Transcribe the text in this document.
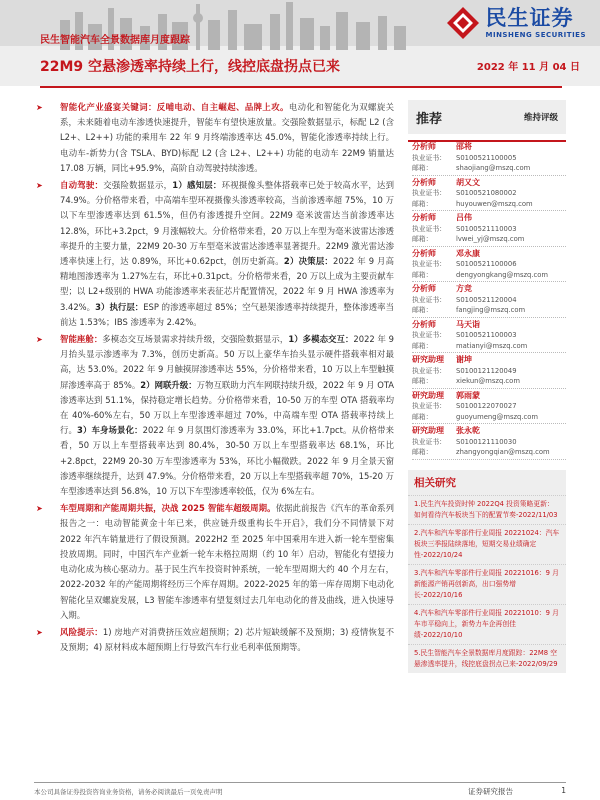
民生证券
MINSHENG SECURITIES
民生智能汽车全景数据库月度跟踪
22M9 空悬渗透率持续上行，线控底盘拐点已来	2022 年 11 月 04 日
➤ 智能化产业盛宴关键词：反哺电动、自主崛起、品牌上攻。电动化和智能化为双螺旋关系，未来随着电动车渗透快速提升，智能车有望快速放量。交强险数据显示，标配 L2 (含 L2+、L2++) 功能的乘用车 22 年 9 月终端渗透率达 45.0%，智能化渗透率持续上行。电动车-新势力(含 TSLA、BYD)标配 L2 (含 L2+、L2++) 功能的电动车 22M9 销量达 17.08 万辆，同比+95.9%，高阶自动驾驶持续渗透。
➤ 自动驾驶：交强险数据显示，1）感知层：环视摄像头整体搭载率已处于较高水平，达到 74.9%。分价格带来看，中高端车型环视摄像头渗透率较高，当前渗透率超 75%，10 万以下车型渗透率达到 61.5%，但仍有渗透提升空间。22M9 毫米波雷达当前渗透率达 12.8%，环比+3.2pct，9 月涨幅较大。分价格带来看，20 万以上车型为毫米波雷达渗透率提升的主要力量，22M9 20-30 万车型毫米波雷达渗透率显著提升。22M9 激光雷达渗透率快速上行，达 0.89%，环比+0.62pct，创历史新高。2）决策层：2022 年 9 月高精地图渗透率为 1.27%左右，环比+0.31pct。分价格带来看，20 万以上成为主要贡献车型；以 L2+级别的 HWA 功能渗透率来表征芯片配置情况，2022 年 9 月 HWA 渗透率为 3.42%。3）执行层：ESP 的渗透率超过 85%；空气悬架渗透率持续提升，整体渗透率当前达 1.53%；IBS 渗透率为 2.42%。
➤ 智能座舱：多模态交互场景需求持续升级，交强险数据显示，1）多模态交互：2022 年 9 月抬头显示渗透率为 7.3%，创历史新高。50 万以上豪华车抬头显示硬件搭载率相对最高，达 53.0%。2022 年 9 月触摸屏渗透率达 55%，分价格带来看，10 万以上车型触摸屏渗透率高于 85%。2）网联升级：万物互联助力汽车网联持续升级，2022 年 9 月 OTA 渗透率达到 51.1%，保持稳定增长趋势。分价格带来看，10-50 万的车型 OTA 搭载率均在 40%-60%左右，50 万以上车型渗透率超过 70%，中高端车型 OTA 搭载率持续上行。3）车身场景化：2022 年 9 月氛围灯渗透率为 33.0%，环比+1.7pct。从价格带来看，50 万以上车型搭载率达到 80.4%，30-50 万以上车型搭载率达 68.1%，环比+2.8pct，22M9 20-30 万车型渗透率为 53%，环比小幅微跌。2022 年 9 月全景天窗渗透率继续提升，达到 47.9%。分价格带来看，20 万以上车型搭载率超 70%，15-20 万车型渗透率达到 56.8%，10 万以下车型渗透率较低，仅为 6%左右。
➤ 车型周期和产能周期共振，决战 2025 智能车超级周期。依据此前报告《汽车的革命系列报告之一：电动智能黄金十年已来，供应链升级重构长牛开启》，我们分不同情景下对 2022 年汽车销量进行了假设预测。2022H2 至 2025 年中国乘用车进入新一轮车型密集投放周期。同时，中国汽车产业新一轮车未格拉周期（约 10 年）启动，智能化有望接力电动化成为核心驱动力。基于民生汽车投资时钟系统，一轮车型周期大约 40 个月左右，2022-2032 年的产能周期将经历三个库存周期。2022-2025 年的第一库存周期下电动化智能化呈双螺旋发展，L3 智能车渗透率有望复刻过去几年电动化的普及曲线，进入快速导入期。
➤ 风险提示：1) 房地产对消费挤压效应超预期；2) 芯片短缺缓解不及预期；3) 疫情恢复不及预期；4) 原材料成本超预期上行导致汽车行业毛利率低预期等。
推荐	维持评级
分析师	邵将
执业证书：	S0100521100005
邮箱：	shaojiang@mszq.com
分析师	胡又文
执业证书：	S0100521080002
邮箱：	huyouwen@mszq.com
分析师	吕伟
执业证书：	S0100521110003
邮箱：	lvwei_yj@mszq.com
分析师	邓永康
执业证书：	S0100521100006
邮箱：	dengyongkang@mszq.com
分析师	方竞
执业证书：	S0100521120004
邮箱：	fangjing@mszq.com
分析师	马天诣
执业证书：	S0100521100003
邮箱：	matianyi@mszq.com
研究助理	谢坤
执业证书：	S0100121120049
邮箱：	xiekun@mszq.com
研究助理	郭雨蒙
执业证书：	S0100122070027
邮箱：	guoyumeng@mszq.com
研究助理	张永乾
执业证书：	S0100121110030
邮箱：	zhangyongqian@mszq.com
相关研究
1.民生汽车投资时钟 2022Q4 投资策略更新：如何看待汽车板块当下的配置节奏-2022/11/03
2.汽车和汽车零部件行业周报 20221024：汽车板块三季报陆续落地，短期交易业绩确定性-2022/10/24
3.汽车和汽车零部件行业周报 20221016：9 月新能源产销再创新高，出口强势增长-2022/10/16
4.汽车和汽车零部件行业周报 20221010：9 月车市平稳向上，新势力车企再创佳绩-2022/10/10
5.民生智能汽车全景数据库月度跟踪：22M8 空悬渗透率提升，线控底盘拐点已来-2022/09/29
本公司具备证券投资咨询业务资格，请务必阅读最后一页免责声明	证券研究报告	1
